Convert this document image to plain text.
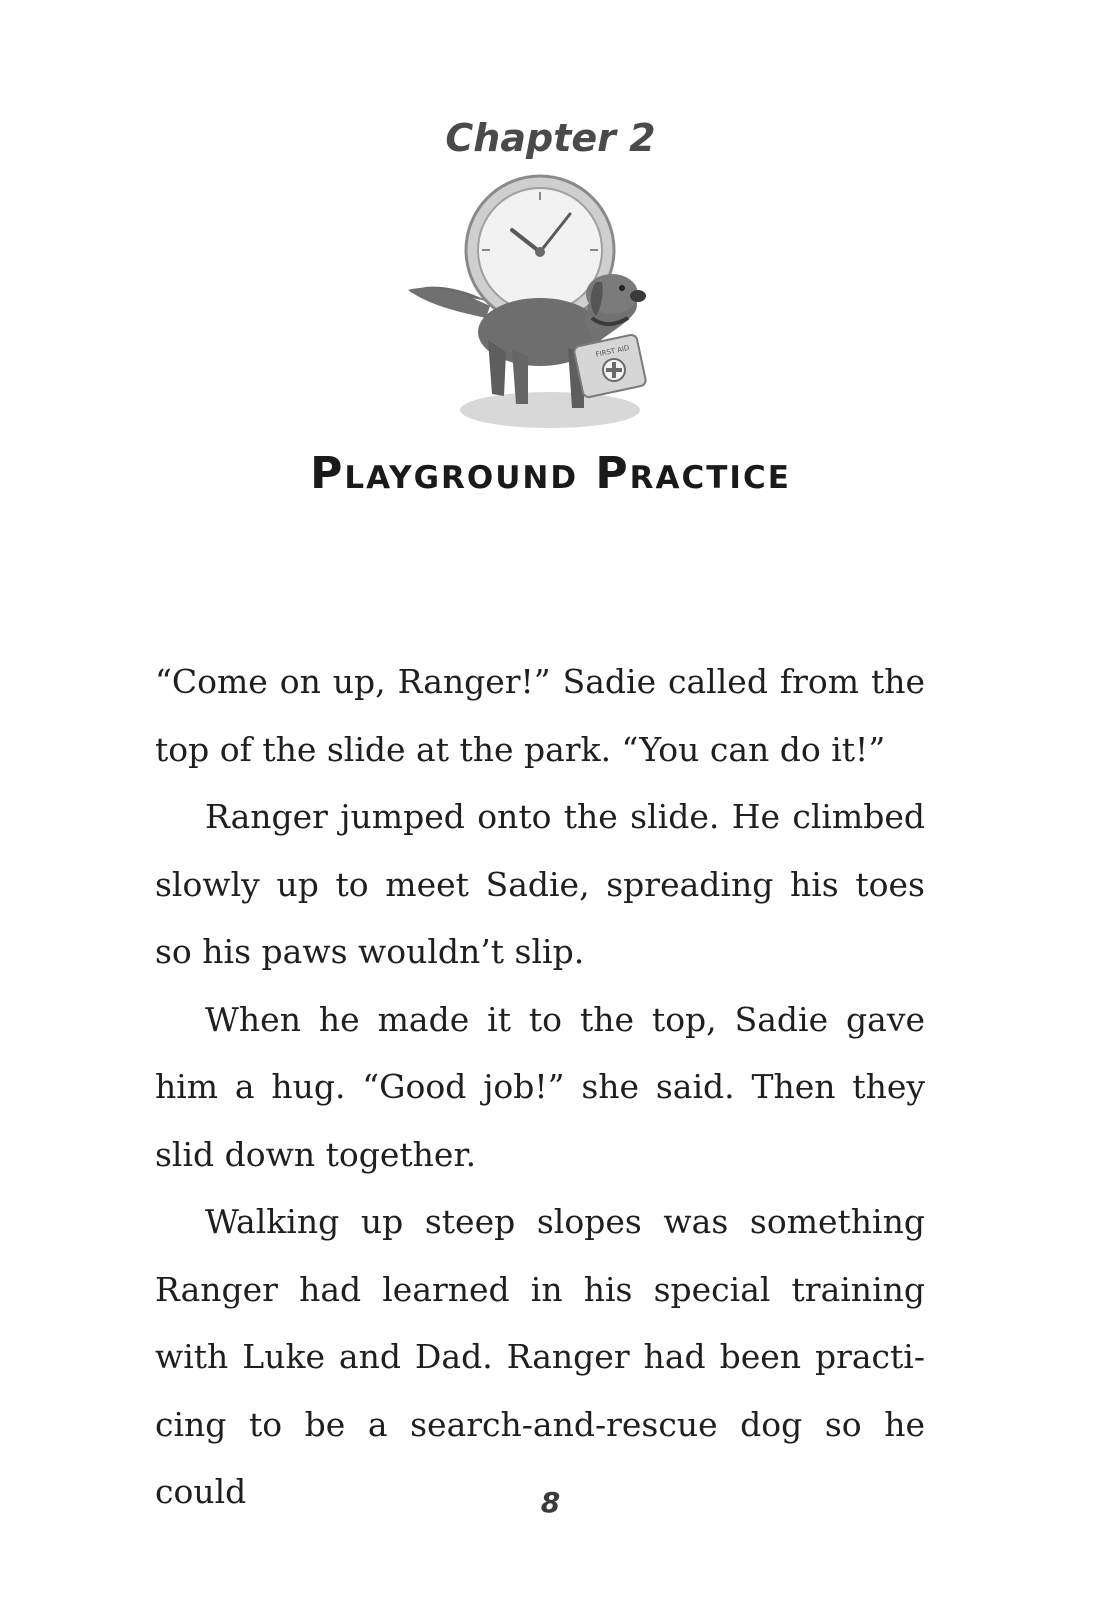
Chapter 2
FIRST AID
Playground Practice

“Come on up, Ranger!” Sadie called from the top of the slide at the park. “You can do it!”

Ranger jumped onto the slide. He climbed slowly up to meet Sadie, spreading his toes so his paws wouldn’t slip.

When he made it to the top, Sadie gave him a hug. “Good job!” she said. Then they slid down together.

Walking up steep slopes was something Ranger had learned in his special training with Luke and Dad. Ranger had been practicing to be a search-and-rescue dog so he could	8
